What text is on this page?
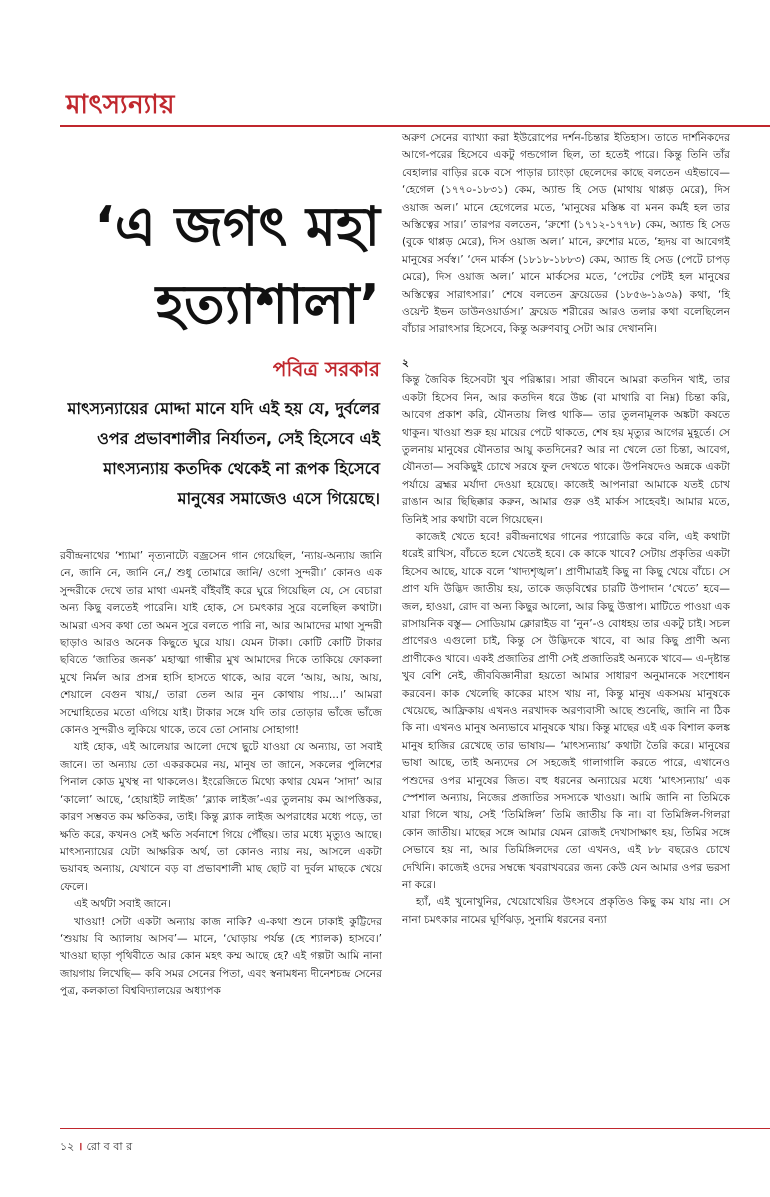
মাৎস্যন্যায়
‘এ জগৎ মহা
হত্যাশালা’
পবিত্র সরকার
মাৎস্যন্যায়ের মোদ্দা মানে যদি এই হয় যে, দুর্বলের ওপর প্রভাবশালীর নির্যাতন, সেই হিসেবে এই মাৎস্যন্যায় কতদিক থেকেই না রূপক হিসেবে মানুষের সমাজেও এসে গিয়েছে।

রবীন্দ্রনাথের ‘শ্যামা’ নৃত্যনাট্যে বজ্রসেন গান গেয়েছিল, ‘ন্যায়-অন্যায় জানি নে, জানি নে, জানি নে,/ শুধু তোমারে জানি/ ওগো সুন্দরী।’ কোনও এক সুন্দরীকে দেখে তার মাথা এমনই বাঁইবাঁই করে ঘুরে গিয়েছিল যে, সে বেচারা অন্য কিছু বলতেই পারেনি। যাই হোক, সে চমৎকার সুরে বলেছিল কথাটা। আমরা এসব কথা তো অমন সুরে বলতে পারি না, আর আমাদের মাথা সুন্দরী ছাড়াও আরও অনেক কিছুতে ঘুরে যায়। যেমন টাকা। কোটি কোটি টাকার ছবিতে ‘জাতির জনক’ মহাত্মা গান্ধীর মুখ আমাদের দিকে তাকিয়ে ফোকলা মুখে নির্মল আর প্রসন্ন হাসি হাসতে থাকে, আর বলে ‘আয়, আয়, আয়, শেয়ালে বেগুন খায়,/ তারা তেল আর নুন কোথায় পায়...।’ আমরা সম্মোহিতের মতো এগিয়ে যাই। টাকার সঙ্গে যদি তার তোড়ার ভাঁজে ভাঁজে কোনও সুন্দরীও লুকিয়ে থাকে, তবে তো সোনায় সোহাগা!

যাই হোক, এই আলেয়ার আলো দেখে ছুটে যাওয়া যে অন্যায়, তা সবাই জানে। তা অন্যায় তো একরকমের নয়, মানুষ তা জানে, সকলের পুলিশের পিনাল কোড মুখস্থ না থাকলেও। ইংরেজিতে মিথ্যে কথার যেমন ‘সাদা’ আর ‘কালো’ আছে, ‘হোয়াইট লাইজ’ ‘ব্ল্যাক লাইজ’-এর তুলনায় কম আপত্তিকর, কারণ সম্ভবত কম ক্ষতিকর, তাই। কিন্তু ব্ল্যাক লাইজ অপরাধের মধ্যে পড়ে, তা ক্ষতি করে, কখনও সেই ক্ষতি সর্বনাশে গিয়ে পৌঁছয়। তার মধ্যে মৃত্যুও আছে। মাৎস্যন্যায়ের যেটা আক্ষরিক অর্থ, তা কোনও ন্যায় নয়, আসলে একটা ভয়াবহ অন্যায়, যেখানে বড় বা প্রভাবশালী মাছ ছোট বা দুর্বল মাছকে খেয়ে ফেলে।

এই অর্থটা সবাই জানে।

খাওয়া! সেটা একটা অন্যায় কাজ নাকি? এ-কথা শুনে ঢাকাই কুট্টিদের ‘শুয়ায় বি অ্যালায় আসব’— মানে, ‘ঘোড়ায় পর্যন্ত (হে শ্যালক) হাসবে।’ খাওয়া ছাড়া পৃথিবীতে আর কোন মহৎ কম্ম আছে হে? এই গল্পটা আমি নানা জায়গায় লিখেছি— কবি সমর সেনের পিতা, এবং স্বনামধন্য দীনেশচন্দ্র সেনের পুত্র, কলকাতা বিশ্ববিদ্যালয়ের অধ্যাপক

অরুণ সেনের ব্যাখ্যা করা ইউরোপের দর্শন-চিন্তার ইতিহাস। তাতে দার্শনিকদের আগে-পরের হিসেবে একটু গন্ডগোল ছিল, তা হতেই পারে। কিন্তু তিনি তাঁর বেহালার বাড়ির রকে বসে পাড়ার চ্যাংড়া ছেলেদের কাছে বলতেন এইভাবে— ‘হেগেল (১৭৭০-১৮৩১) কেম, অ্যান্ড হি সেড (মাথায় থাপ্পড় মেরে), দিস ওয়াজ অল।’ মানে হেগেলের মতে, ‘মানুষের মস্তিষ্ক বা মনন কর্মই হল তার অস্তিত্বের সার।’ তারপর বলতেন, ‘রুশো (১৭১২-১৭৭৮) কেম, অ্যান্ড হি সেড (বুকে থাপ্পড় মেরে), দিস ওয়াজ অল।’ মানে, রুশোর মতে, ‘হৃদয় বা আবেগই মানুষের সর্বস্ব।’ ‘দেন মার্কস (১৮১৮-১৮৮৩) কেম, অ্যান্ড হি সেড (পেটে চাপড় মেরে), দিস ওয়াজ অল।’ মানে মার্কসের মতে, ‘পেটের পেটই হল মানুষের অস্তিত্বের সারাৎসার।’ শেষে বলতেন ফ্রয়েডের (১৮৫৬-১৯৩৯) কথা, ‘হি ওয়েন্ট ইভন ডাউনওয়ার্ডস।’ ফ্রয়েড শরীরের আরও তলার কথা বলেছিলেন বাঁচার সারাৎসার হিসেবে, কিন্তু অরুণবাবু সেটা আর দেখাননি।

২

কিন্তু জৈবিক হিসেবটা খুব পরিষ্কার। সারা জীবনে আমরা কতদিন খাই, তার একটা হিসেব নিন, আর কতদিন ধরে উচ্চ (বা মাথারি বা নিম্ন) চিন্তা করি, আবেগ প্রকাশ করি, যৌনতায় লিপ্ত থাকি— তার তুলনামূলক অঙ্কটা কষতে থাকুন। খাওয়া শুরু হয় মায়ের পেটে থাকতে, শেষ হয় মৃত্যুর আগের মুহূর্তে। সে তুলনায় মানুষের যৌনতার আয়ু কতদিনের? আর না খেলে তো চিন্তা, আবেগ, যৌনতা— সবকিছুই চোখে সরষে ফুল দেখতে থাকে। উপনিষদেও অন্নকে একটা পর্যায়ে ব্রহ্মর মর্যাদা দেওয়া হয়েছে। কাজেই আপনারা আমাকে যতই চোখ রাঙান আর ছিছিক্কার করুন, আমার গুরু ওই মার্কস সাহেবই। আমার মতে, তিনিই সার কথাটা বলে গিয়েছেন।

কাজেই খেতে হবে! রবীন্দ্রনাথের গানের প্যারোডি করে বলি, এই কথাটা ধরেই রাখিস, বাঁচতে হলে খেতেই হবে। কে কাকে খাবে? সেটায় প্রকৃতির একটা হিসেব আছে, যাকে বলে ‘খাদ্যশৃঙ্খল’। প্রাণীমাত্রই কিছু না কিছু খেয়ে বাঁচে। সে প্রাণ যদি উদ্ভিদ জাতীয় হয়, তাকে জড়বিশ্বের চারটি উপাদান ‘খেতে’ হবে— জল, হাওয়া, রোদ বা অন্য কিছুর আলো, আর কিছু উত্তাপ। মাটিতে পাওয়া এক রাসায়নিক বস্তু— সোডিয়াম ক্লোরাইড বা ‘নুন’-ও বোধহয় তার একটু চাই। সচল প্রাণেরও এগুলো চাই, কিন্তু সে উদ্ভিদকে খাবে, বা আর কিছু প্রাণী অন্য প্রাণীকেও খাবে। একই প্রজাতির প্রাণী সেই প্রজাতিরই অন্যকে খাবে— এ-দৃষ্টান্ত খুব বেশি নেই, জীববিজ্ঞানীরা হয়তো আমার সাধারণ অনুমানকে সংশোধন করবেন। কাক খেলেছি কাকের মাংস খায় না, কিন্তু মানুষ একসময় মানুষকে খেয়েছে, আফ্রিকায় এখনও নরখাদক অরণ্যবাসী আছে শুনেছি, জানি না ঠিক কি না। এখনও মানুষ অন্যভাবে মানুষকে খায়। কিন্তু মাছের এই এক বিশাল কলঙ্ক মানুষ হাজির রেখেছে তার ভাষায়— ‘মাৎস্যন্যায়’ কথাটা তৈরি করে। মানুষের ভাষা আছে, তাই অন্যদের সে সহজেই গালাগালি করতে পারে, এখানেও পশুদের ওপর মানুষের জিত। বহু ধরনের অন্যায়ের মধ্যে ‘মাৎস্যন্যায়’ এক স্পেশাল অন্যায়, নিজের প্রজাতির সদস্যকে খাওয়া। আমি জানি না তিমিকে যারা গিলে খায়, সেই ‘তিমিঙ্গিল’ তিমি জাতীয় কি না। বা তিমিঙ্গিল-গিলরা কোন জাতীয়। মাছের সঙ্গে আমার যেমন রোজই দেখাসাক্ষাৎ হয়, তিমির সঙ্গে সেভাবে হয় না, আর তিমিঙ্গিলদের তো এখনও, এই ৮৮ বছরেও চোখে দেখিনি। কাজেই ওদের সম্বন্ধে খবরাখবরের জন্য কেউ যেন আমার ওপর ভরসা না করে।

হ্যাঁ, এই খুনোখুনির, খেয়োখেয়ির উৎসবে প্রকৃতিও কিছু কম যায় না। সে নানা চমৎকার নামের ঘূর্ণিঝড়, সুনামি ধরনের বন্যা

১২ । রো ব বা র
